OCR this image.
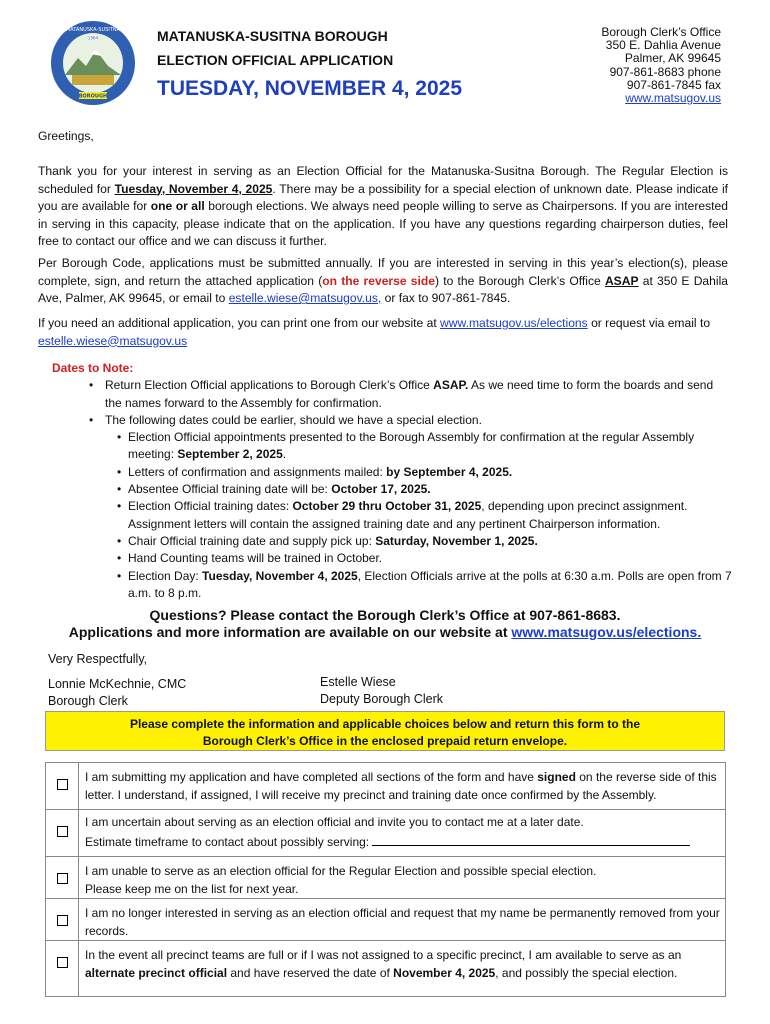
1964
MATANUSKA-SUSITNA
BOROUGH
MATANUSKA-SUSITNA BOROUGH
ELECTION OFFICIAL APPLICATION
TUESDAY, NOVEMBER 4, 2025
Borough Clerk’s Office
350 E. Dahlia Avenue
Palmer, AK 99645
907-861-8683 phone
907-861-7845 fax
www.matsugov.us
Greetings,
Thank you for your interest in serving as an Election Official for the Matanuska-Susitna Borough. The Regular Election is scheduled for Tuesday, November 4, 2025. There may be a possibility for a special election of unknown date. Please indicate if you are available for one or all borough elections. We always need people willing to serve as Chairpersons. If you are interested in serving in this capacity, please indicate that on the application. If you have any questions regarding chairperson duties, feel free to contact our office and we can discuss it further.
Per Borough Code, applications must be submitted annually. If you are interested in serving in this year’s election(s), please complete, sign, and return the attached application (on the reverse side) to the Borough Clerk’s Office ASAP at 350 E Dahila Ave, Palmer, AK 99645, or email to estelle.wiese@matsugov.us, or fax to 907-861-7845.
If you need an additional application, you can print one from our website at www.matsugov.us/elections or request via email to estelle.wiese@matsugov.us
Dates to Note:
• Return Election Official applications to Borough Clerk’s Office ASAP. As we need time to form the boards and send the names forward to the Assembly for confirmation.
• The following dates could be earlier, should we have a special election.
• Election Official appointments presented to the Borough Assembly for confirmation at the regular Assembly meeting: September 2, 2025.
• Letters of confirmation and assignments mailed: by September 4, 2025.
• Absentee Official training date will be: October 17, 2025.
• Election Official training dates: October 29 thru October 31, 2025, depending upon precinct assignment. Assignment letters will contain the assigned training date and any pertinent Chairperson information.
• Chair Official training date and supply pick up: Saturday, November 1, 2025.
• Hand Counting teams will be trained in October.
• Election Day: Tuesday, November 4, 2025, Election Officials arrive at the polls at 6:30 a.m. Polls are open from 7 a.m. to 8 p.m.
Questions? Please contact the Borough Clerk’s Office at 907-861-8683.
Applications and more information are available on our website at www.matsugov.us/elections.
Very Respectfully,
Lonnie McKechnie, CMC
Borough Clerk
Estelle Wiese
Deputy Borough Clerk
Please complete the information and applicable choices below and return this form to the
Borough Clerk’s Office in the enclosed prepaid return envelope.
I am submitting my application and have completed all sections of the form and have signed on the reverse side of this letter. I understand, if assigned, I will receive my precinct and training date once confirmed by the Assembly.
I am uncertain about serving as an election official and invite you to contact me at a later date.
Estimate timeframe to contact about possibly serving:
I am unable to serve as an election official for the Regular Election and possible special election.
Please keep me on the list for next year.
I am no longer interested in serving as an election official and request that my name be permanently removed from your records.
In the event all precinct teams are full or if I was not assigned to a specific precinct, I am available to serve as an alternate precinct official and have reserved the date of November 4, 2025, and possibly the special election.
